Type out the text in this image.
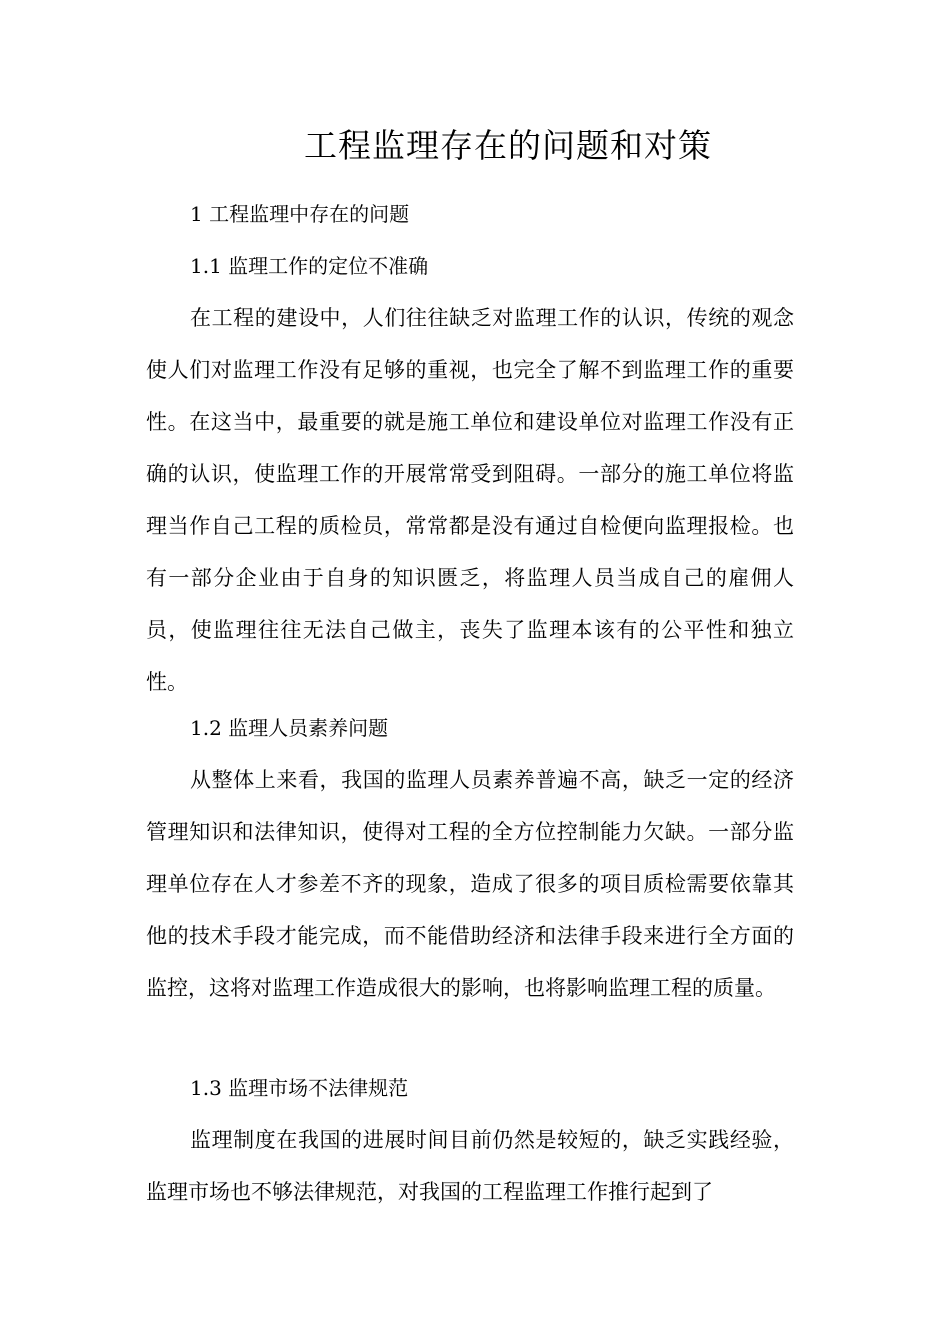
工程监理存在的问题和对策
1 工程监理中存在的问题
1.1 监理工作的定位不准确
在工程的建设中，人们往往缺乏对监理工作的认识，传统的观念使人们对监理工作没有足够的重视，也完全了解不到监理工作的重要性。在这当中，最重要的就是施工单位和建设单位对监理工作没有正确的认识，使监理工作的开展常常受到阻碍。一部分的施工单位将监理当作自己工程的质检员，常常都是没有通过自检便向监理报检。也有一部分企业由于自身的知识匮乏，将监理人员当成自己的雇佣人员，使监理往往无法自己做主，丧失了监理本该有的公平性和独立性。
1.2 监理人员素养问题
从整体上来看，我国的监理人员素养普遍不高，缺乏一定的经济管理知识和法律知识，使得对工程的全方位控制能力欠缺。一部分监理单位存在人才参差不齐的现象，造成了很多的项目质检需要依靠其他的技术手段才能完成，而不能借助经济和法律手段来进行全方面的监控，这将对监理工作造成很大的影响，也将影响监理工程的质量。
1.3 监理市场不法律规范
监理制度在我国的进展时间目前仍然是较短的，缺乏实践经验，监理市场也不够法律规范，对我国的工程监理工作推行起到了
